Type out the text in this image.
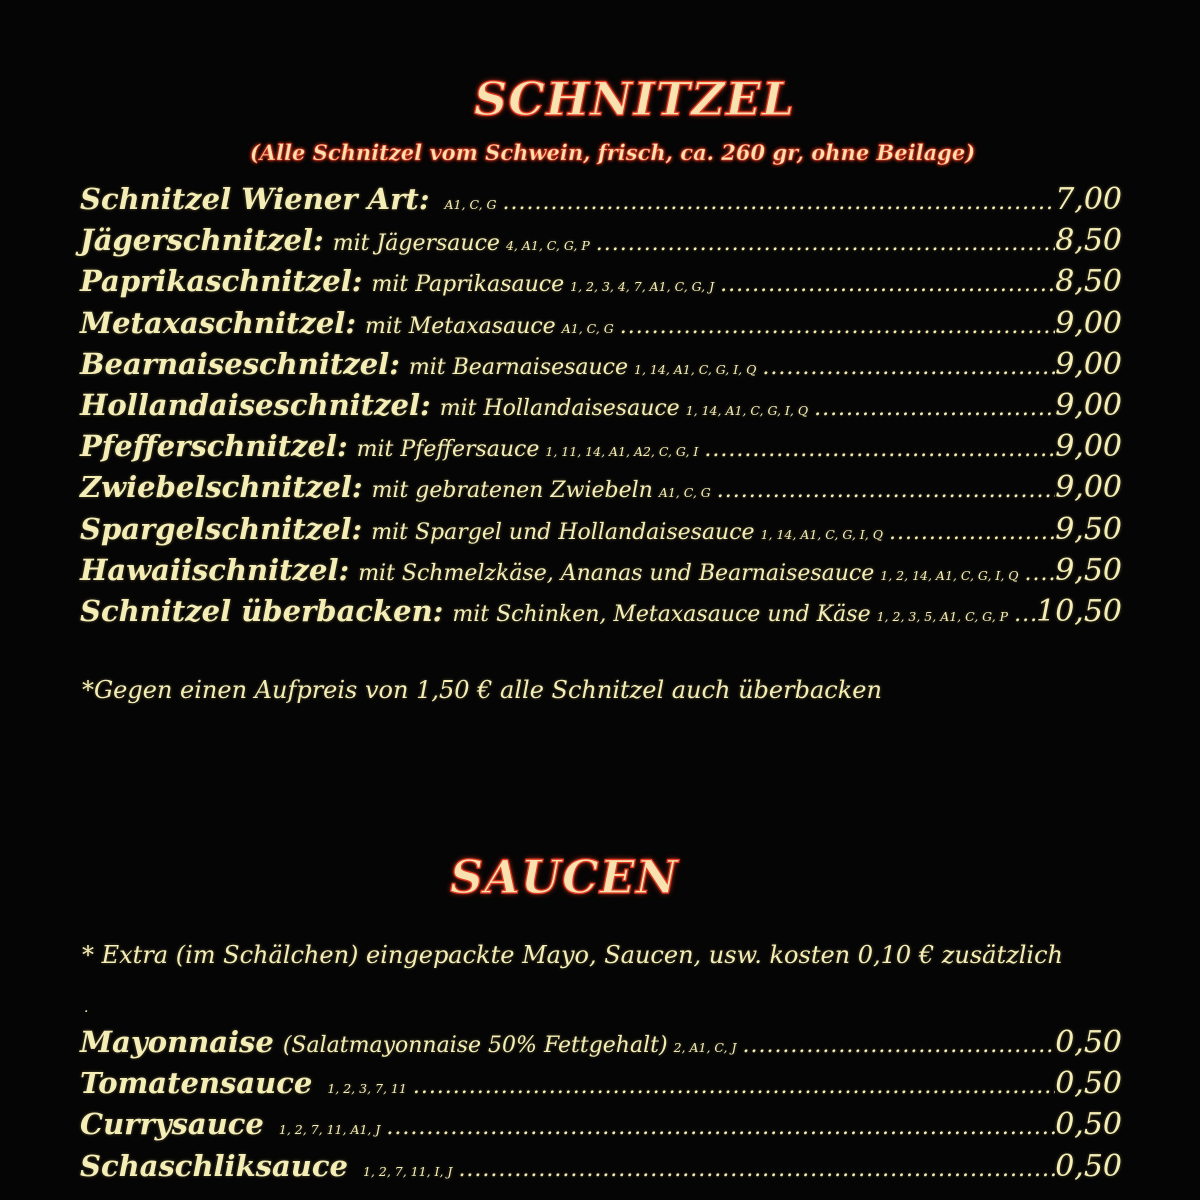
SCHNITZEL
(Alle Schnitzel vom Schwein, frisch, ca. 260 gr, ohne Beilage)
Schnitzel Wiener Art: A1, C, G .....	7,00
Jägerschnitzel: mit Jägersauce 4, A1, C, G, P .....	8,50
Paprikaschnitzel: mit Paprikasauce 1, 2, 3, 4, 7, A1, C, G, J .....	8,50
Metaxaschnitzel: mit Metaxasauce A1, C, G .....	9,00
Bearnaiseschnitzel: mit Bearnaisesauce 1, 14, A1, C, G, I, Q .....	9,00
Hollandaiseschnitzel: mit Hollandaisesauce 1, 14, A1, C, G, I, Q .....	9,00
Pfefferschnitzel: mit Pfeffersauce 1, 11, 14, A1, A2, C, G, I .....	9,00
Zwiebelschnitzel: mit gebratenen Zwiebeln A1, C, G .....	9,00
Spargelschnitzel: mit Spargel und Hollandaisesauce 1, 14, A1, C, G, I, Q .....	9,50
Hawaiischnitzel: mit Schmelzkäse, Ananas und Bearnaisesauce 1, 2, 14, A1, C, G, I, Q ..... 9,50
Schnitzel überbacken: mit Schinken, Metaxasauce und Käse 1, 2, 3, 5, A1, C, G, P ..... 10,50
*Gegen einen Aufpreis von 1,50 € alle Schnitzel auch überbacken
SAUCEN
* Extra (im Schälchen) eingepackte Mayo, Saucen, usw. kosten 0,10 € zusätzlich
.
Mayonnaise (Salatmayonnaise 50% Fettgehalt) 2, A1, C, J .....	0,50
Tomatensauce 1, 2, 3, 7, 11 .....	0,50
Currysauce 1, 2, 7, 11, A1, J .....	0,50
Schaschliksauce 1, 2, 7, 11, I, J .....	0,50
